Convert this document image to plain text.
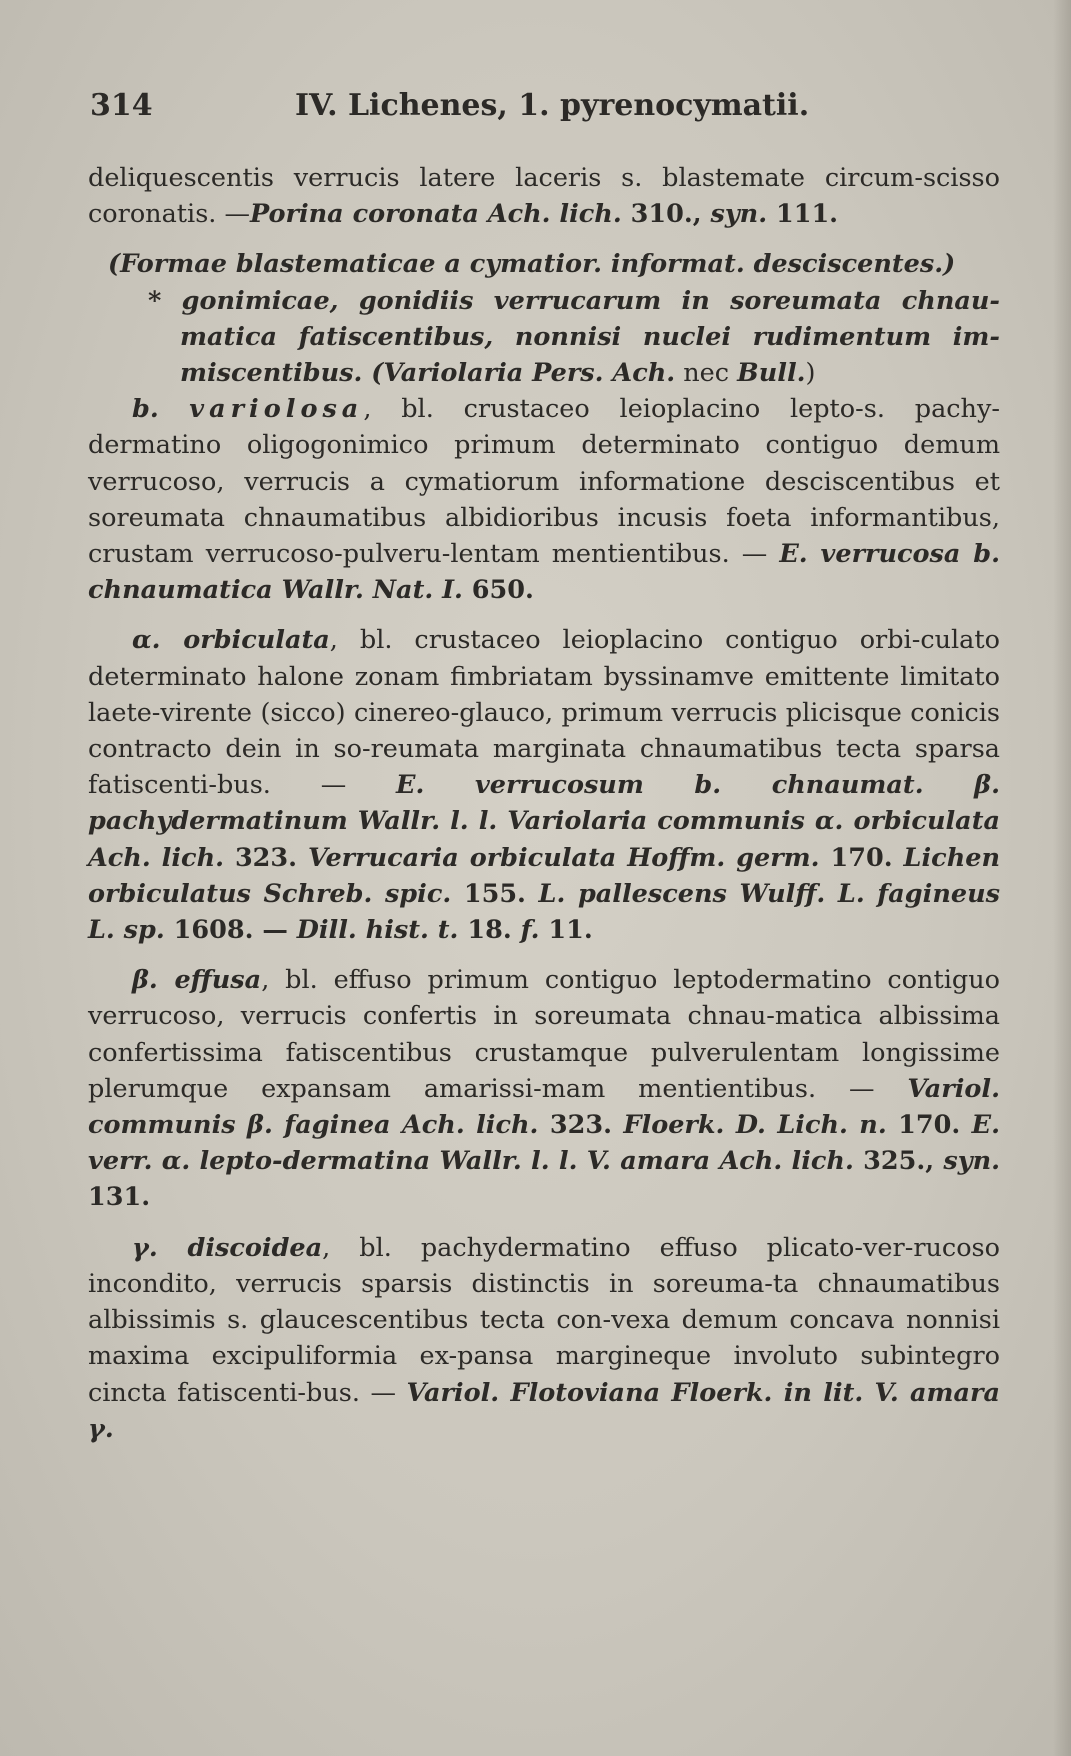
314	IV. Lichenes, 1. pyrenocymatii.

deliquescentis verrucis latere laceris s. blastemate circum-scisso coronatis. —Porina coronata Ach. lich. 310., syn. 111.

(Formae blastematicae a cymatior. informat. desciscentes.)

* gonimicae, gonidiis verrucarum in soreumata chnau-matica fatiscentibus, nonnisi nuclei rudimentum im-miscentibus. (Variolaria Pers. Ach. nec Bull.)

b. variolosa, bl. crustaceo leioplacino lepto-s. pachy-dermatino oligogonimico primum determinato contiguo demum verrucoso, verrucis a cymatiorum informatione desciscentibus et soreumata chnaumatibus albidioribus incusis foeta informantibus, crustam verrucoso-pulveru-lentam mentientibus. — E. verrucosa b. chnaumatica Wallr. Nat. I. 650.

α. orbiculata, bl. crustaceo leioplacino contiguo orbi-culato determinato halone zonam fimbriatam byssinamve emittente limitato laete-virente (sicco) cinereo-glauco, primum verrucis plicisque conicis contracto dein in so-reumata marginata chnaumatibus tecta sparsa fatiscenti-bus. — E. verrucosum b. chnaumat. β. pachydermatinum Wallr. l. l. Variolaria communis α. orbiculata Ach. lich. 323. Verrucaria orbiculata Hoffm. germ. 170. Lichen orbiculatus Schreb. spic. 155. L. pallescens Wulff. L. fagineus L. sp. 1608. — Dill. hist. t. 18. f. 11.

β. effusa, bl. effuso primum contiguo leptodermatino contiguo verrucoso, verrucis confertis in soreumata chnau-matica albissima confertissima fatiscentibus crustamque pulverulentam longissime plerumque expansam amarissi-mam mentientibus. — Variol. communis β. faginea Ach. lich. 323. Floerk. D. Lich. n. 170. E. verr. α. lepto-dermatina Wallr. l. l. V. amara Ach. lich. 325., syn. 131.

γ. discoidea, bl. pachydermatino effuso plicato-ver-rucoso incondito, verrucis sparsis distinctis in soreuma-ta chnaumatibus albissimis s. glaucescentibus tecta con-vexa demum concava nonnisi maxima excipuliformia ex-pansa margineque involuto subintegro cincta fatiscenti-bus. — Variol. Flotoviana Floerk. in lit. V. amara γ.
